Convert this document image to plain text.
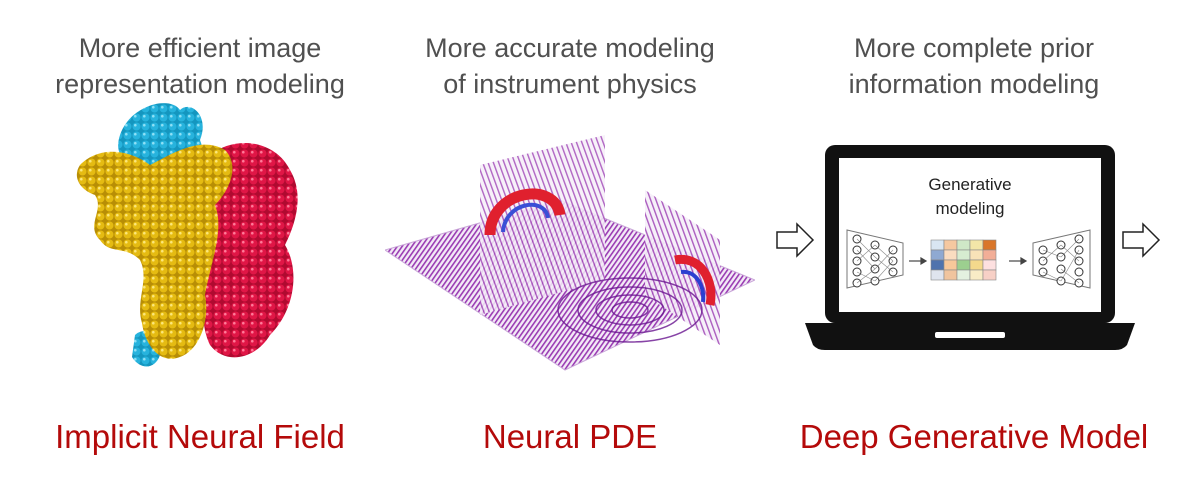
More efficient image
representation modeling
Implicit Neural Field
More accurate modeling
of instrument physics
Neural PDE
More complete prior
information modeling
Generative
modeling
Deep Generative Model
